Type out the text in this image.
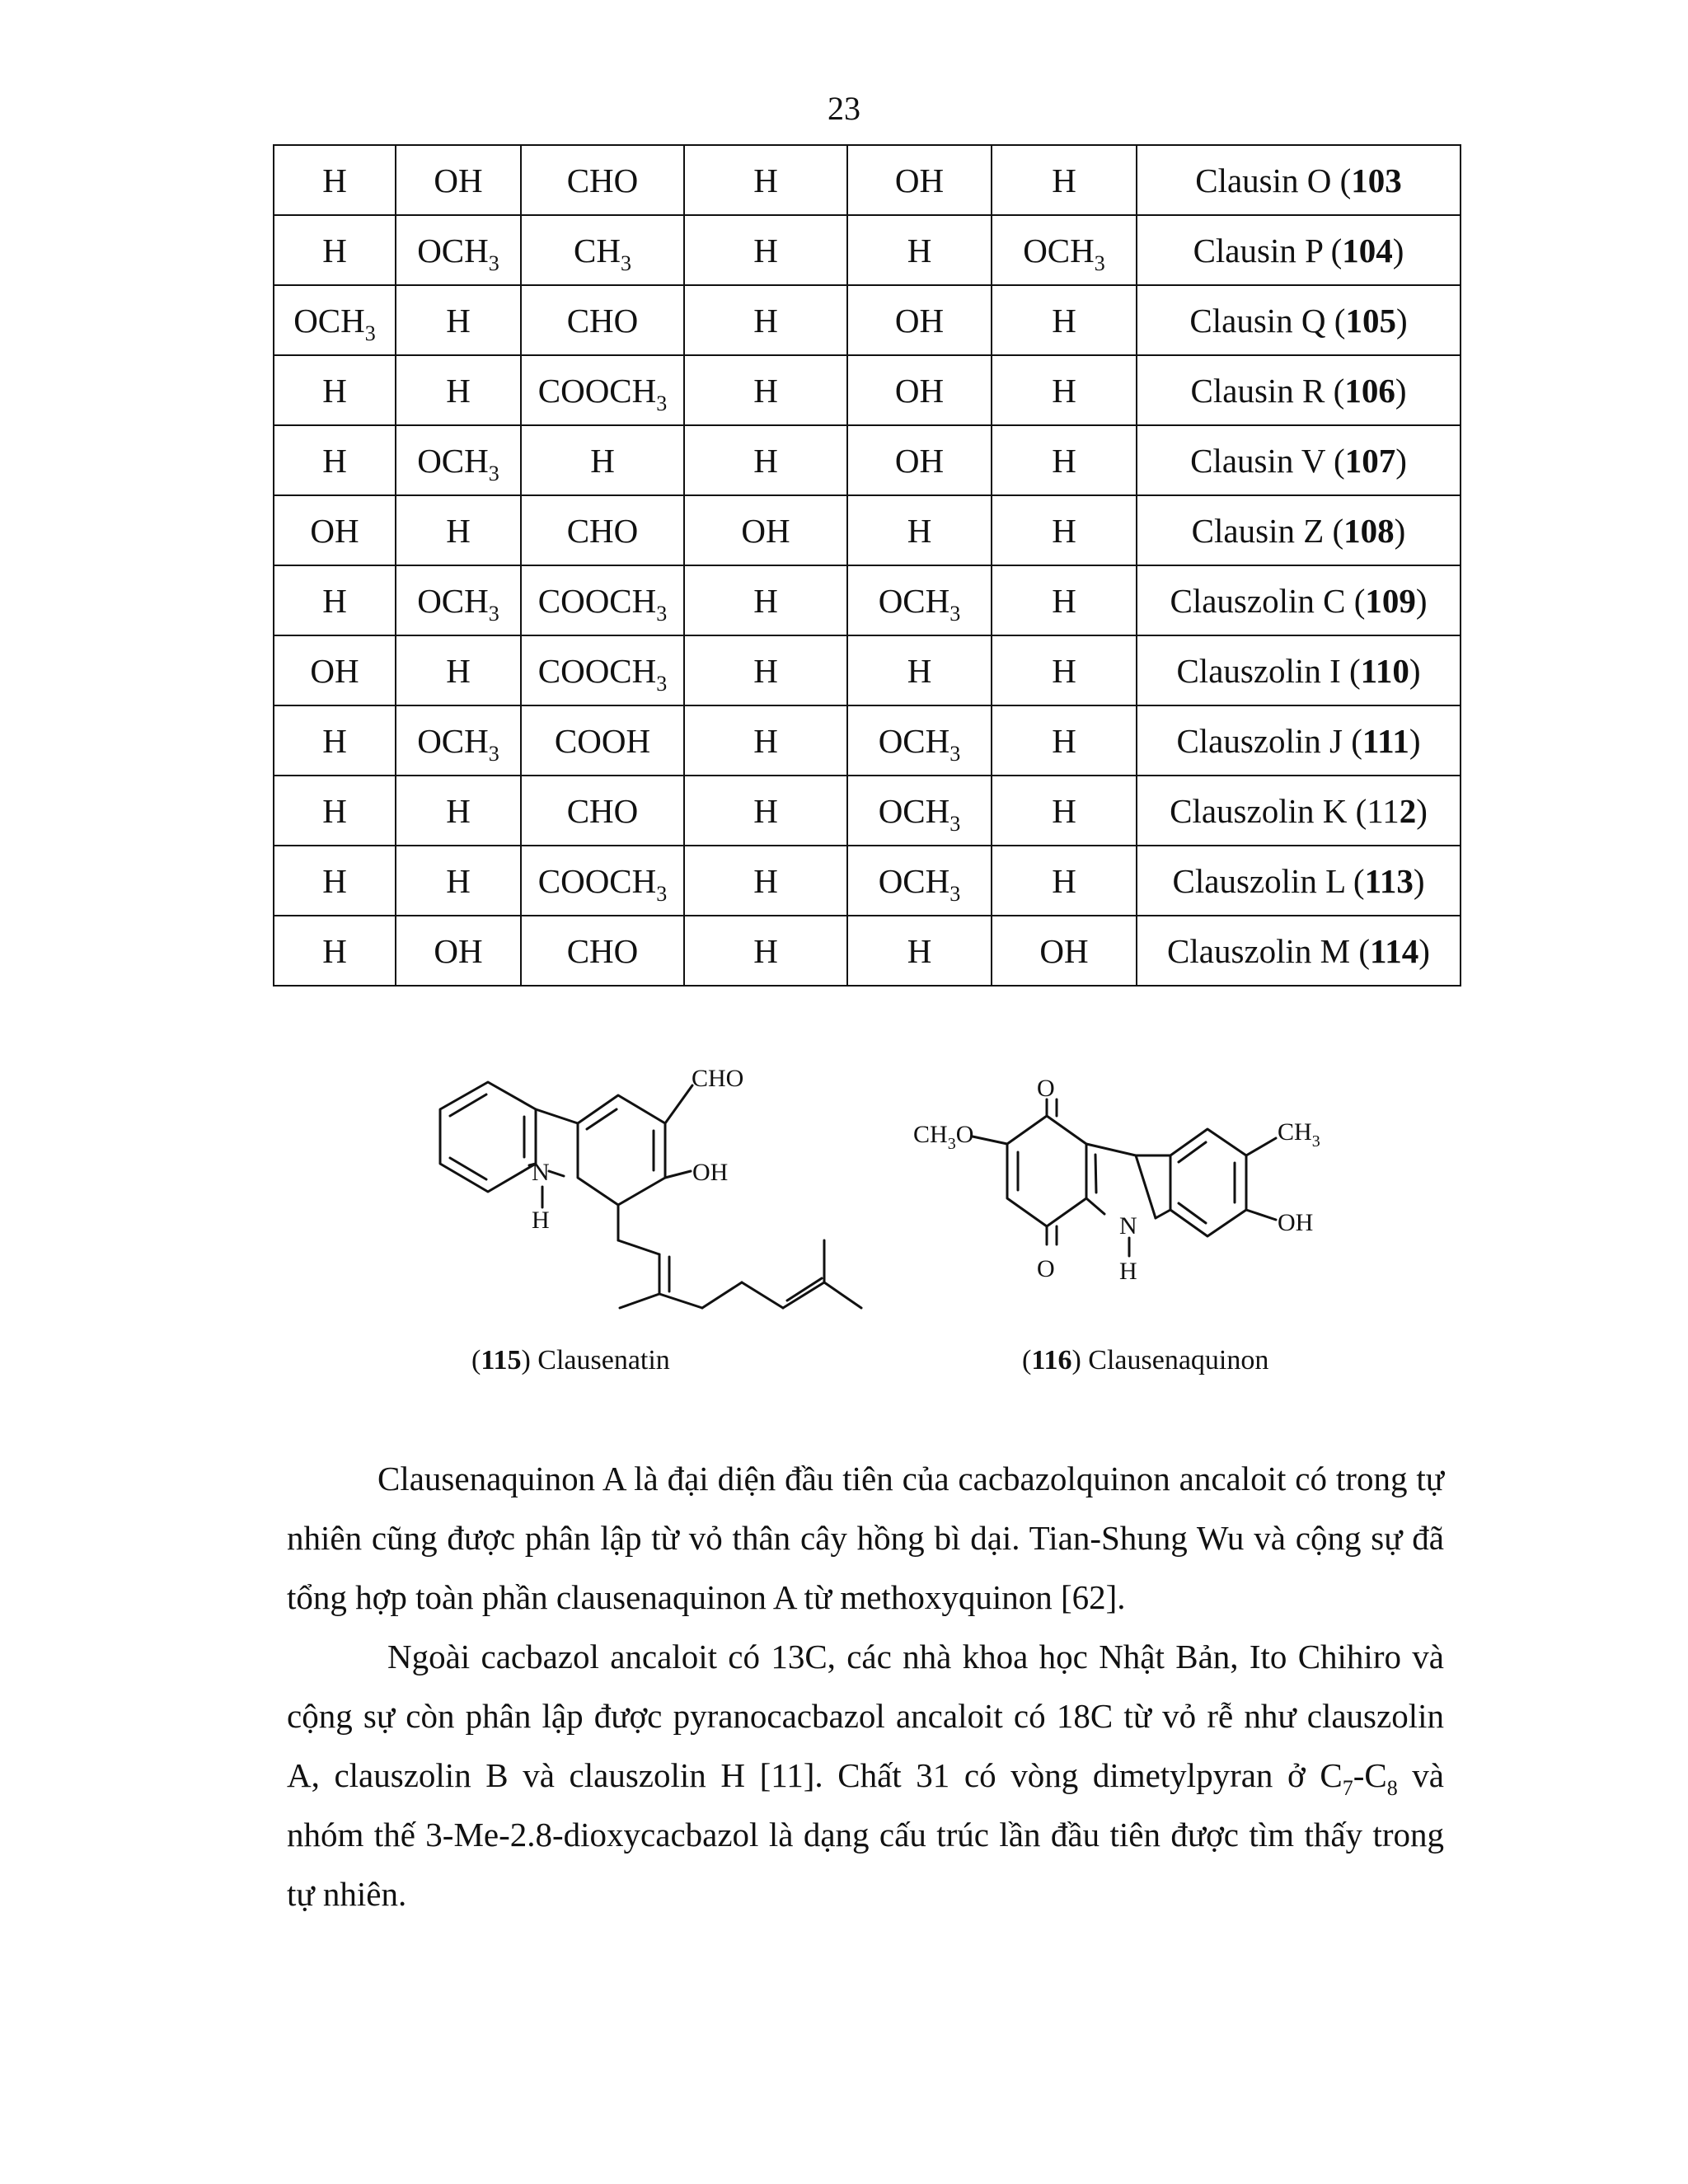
23
H	OH	CHO	H	OH	H	Clausin O (103
H	$OCH_3$	$CH_3$	H	H	$OCH_3$	Clausin P (104)
$OCH_3$	H	CHO	H	OH	H	Clausin Q (105)
H	H	$COOCH_3$	H	OH	H	Clausin R (106)
H	$OCH_3$	H	H	OH	H	Clausin V (107)
OH	H	CHO	OH	H	H	Clausin Z (108)
H	$OCH_3$	$COOCH_3$	H	$OCH_3$	H	Clauszolin C (109)
OH	H	$COOCH_3$	H	H	H	Clauszolin I (110)
H	$OCH_3$	COOH	H	$OCH_3$	H	Clauszolin J (111)
H	H	CHO	H	$OCH_3$	H	Clauszolin K (112)
H	H	$COOCH_3$	H	$OCH_3$	H	Clauszolin L (113)
H	OH	CHO	H	H	OH	Clauszolin M (114)
CHO
OH
N
H
O
O
$CH_3O$	$CH_3$
OH
N
H
(115) Clausenatin	(116) Clausenaquinon

Clausenaquinon A là đại diện đầu tiên của cacbazolquinon ancaloit có trong tự nhiên cũng được phân lập từ vỏ thân cây hồng bì dại. Tian-Shung Wu và cộng sự đã tổng hợp toàn phần clausenaquinon A từ methoxyquinon [62].

Ngoài cacbazol ancaloit có 13C, các nhà khoa học Nhật Bản, Ito Chihiro và cộng sự còn phân lập được pyranocacbazol ancaloit có 18C từ vỏ rễ như clauszolin A, clauszolin B và clauszolin H [11]. Chất 31 có vòng dimetylpyran ở $C_7-C_8$ và nhóm thế 3-Me-2.8-dioxycacbazol là dạng cấu trúc lần đầu tiên được tìm thấy trong tự nhiên.
